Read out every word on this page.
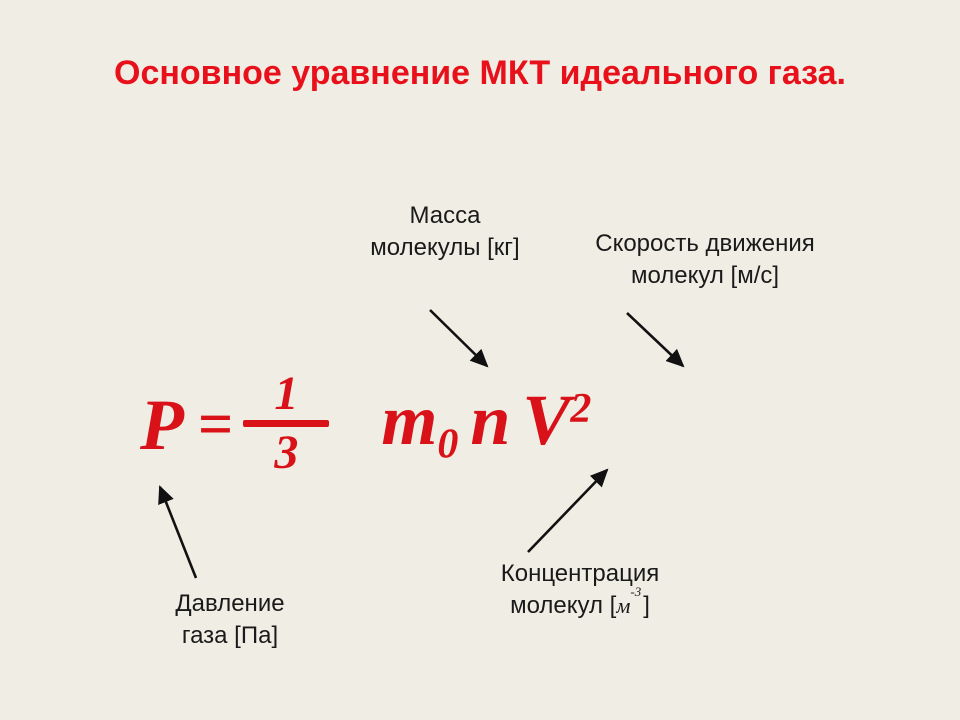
Основное уравнение МКТ идеального газа.
Масса
молекулы [кг]	Скорость движения
молекул [м/с]
Давление
газа [Па]
Концентрация
молекул $[м^{-3}]$
P = 1
3 $m_0$ n $V^2$
